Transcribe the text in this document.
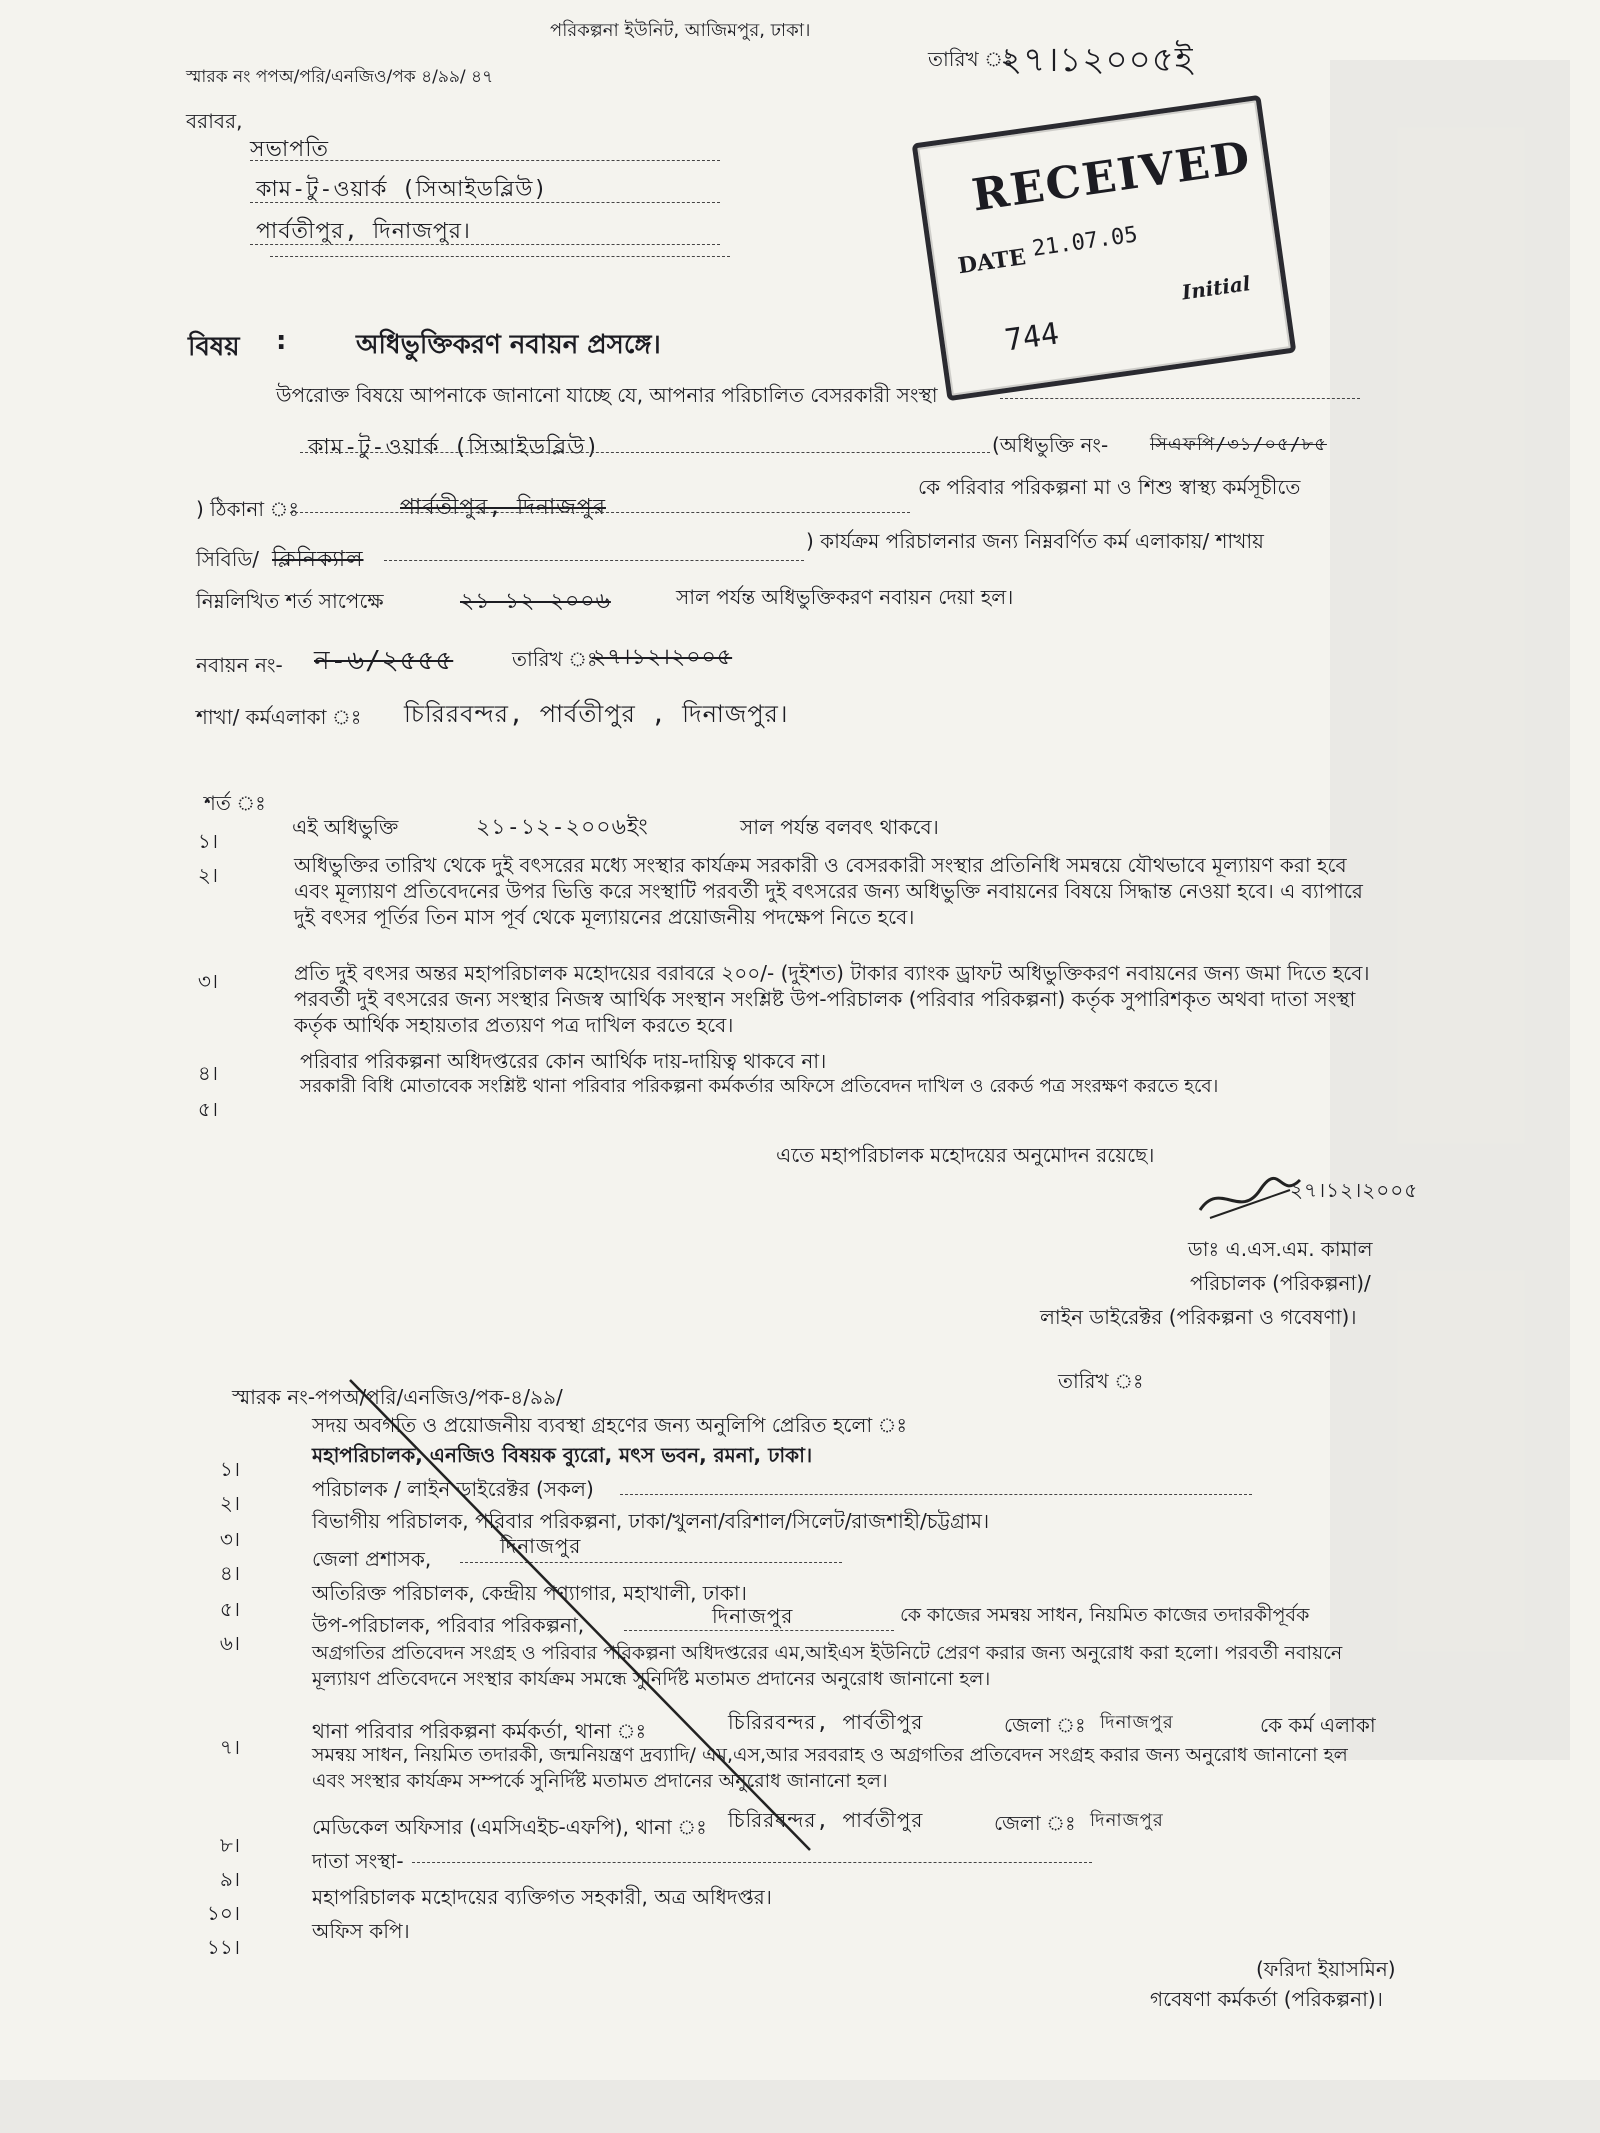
পরিকল্পনা ইউনিট, আজিমপুর, ঢাকা।
তারিখ ঃ
২৭।১২০০৫ই
স্মারক নং পপঅ/পরি/এনজিও/পক ৪/৯৯/ ৪৭
বরাবর,
সভাপতি
কাম-টু-ওয়ার্ক (সিআইডব্লিউ)
পার্বতীপুর, দিনাজপুর।
RECEIVED
DATE 21.07.05
Initial
744
বিষয় :	অধিভুক্তিকরণ নবায়ন প্রসঙ্গে।
উপরোক্ত বিষয়ে আপনাকে জানানো যাচ্ছে যে, আপনার পরিচালিত বেসরকারী সংস্থা
কাম-টু-ওয়ার্ক (সিআইডব্লিউ)	(অধিভুক্তি নং- সিএফপি/৩১/০৫/৮৫
) ঠিকানা ঃ	পার্বতীপুর, দিনাজপুর
কে পরিবার পরিকল্পনা মা ও শিশু স্বাস্থ্য কর্মসূচীতে
সিবিডি/ ক্লিনিক্যাল
) কার্যক্রম পরিচালনার জন্য নিম্নবর্ণিত কর্ম এলাকায়/ শাখায়
নিম্নলিখিত শর্ত সাপেক্ষে	২১-১২-২০০৬	সাল পর্যন্ত অধিভুক্তিকরণ নবায়ন দেয়া হল।
নবায়ন নং- ন-৬/২৫৫৫	তারিখ ঃ
২৭।১২।২০০৫
শাখা/ কর্মএলাকা ঃ চিরিরবন্দর, পার্বতীপুর , দিনাজপুর।
শর্ত ঃ
১।
এই অধিভুক্তি	২১-১২-২০০৬ইং	সাল পর্যন্ত বলবৎ থাকবে।
২।	অধিভুক্তির তারিখ থেকে দুই বৎসরের মধ্যে সংস্থার কার্যক্রম সরকারী ও বেসরকারী সংস্থার প্রতিনিধি সমন্বয়ে যৌথভাবে মূল্যায়ণ করা হবে এবং মূল্যায়ণ প্রতিবেদনের উপর ভিত্তি করে সংস্থাটি পরবর্তী দুই বৎসরের জন্য অধিভুক্তি নবায়নের বিষয়ে সিদ্ধান্ত নেওয়া হবে। এ ব্যাপারে দুই বৎসর পূর্তির তিন মাস পূর্ব থেকে মূল্যায়নের প্রয়োজনীয় পদক্ষেপ নিতে হবে।
৩।	প্রতি দুই বৎসর অন্তর মহাপরিচালক মহোদয়ের বরাবরে ২০০/- (দুইশত) টাকার ব্যাংক ড্রাফট অধিভুক্তিকরণ নবায়নের জন্য জমা দিতে হবে। পরবর্তী দুই বৎসরের জন্য সংস্থার নিজস্ব আর্থিক সংস্থান সংশ্লিষ্ট উপ-পরিচালক (পরিবার পরিকল্পনা) কর্তৃক সুপারিশকৃত অথবা দাতা সংস্থা কর্তৃক আর্থিক সহায়তার প্রত্যয়ণ পত্র দাখিল করতে হবে।
৪।	পরিবার পরিকল্পনা অধিদপ্তরের কোন আর্থিক দায়-দায়িত্ব থাকবে না।
৫।
সরকারী বিধি মোতাবেক সংশ্লিষ্ট থানা পরিবার পরিকল্পনা কর্মকর্তার অফিসে প্রতিবেদন দাখিল ও রেকর্ড পত্র সংরক্ষণ করতে হবে।
এতে মহাপরিচালক মহোদয়ের অনুমোদন রয়েছে।
২৭।১২।২০০৫
ডাঃ এ.এস.এম. কামাল
পরিচালক (পরিকল্পনা)/
লাইন ডাইরেক্টর (পরিকল্পনা ও গবেষণা)।
তারিখ ঃ
স্মারক নং-পপঅ/পরি/এনজিও/পক-৪/৯৯/
সদয় অবগতি ও প্রয়োজনীয় ব্যবস্থা গ্রহণের জন্য অনুলিপি প্রেরিত হলো ঃ
১।
মহাপরিচালক, এনজিও বিষয়ক ব্যুরো, মৎস ভবন, রমনা, ঢাকা।
২।
পরিচালক / লাইন ডাইরেক্টর (সকল)
৩।
বিভাগীয় পরিচালক, পরিবার পরিকল্পনা, ঢাকা/খুলনা/বরিশাল/সিলেট/রাজশাহী/চট্টগ্রাম।
৪।
জেলা প্রশাসক,
দিনাজপুর
৫।
অতিরিক্ত পরিচালক, কেন্দ্রীয় পণ্যাগার, মহাখালী, ঢাকা।
৬।
উপ-পরিচালক, পরিবার পরিকল্পনা,	দিনাজপুর	কে কাজের সমন্বয় সাধন, নিয়মিত কাজের তদারকীপূর্বক
অগ্রগতির প্রতিবেদন সংগ্রহ ও পরিবার পরিকল্পনা অধিদপ্তরের এম,আইএস ইউনিটে প্রেরণ করার জন্য অনুরোধ করা হলো। পরবর্তী নবায়নে মূল্যায়ণ প্রতিবেদনে সংস্থার কার্যক্রম সমন্ধে সুনির্দিষ্ট মতামত প্রদানের অনুরোধ জানানো হল।
৭।
থানা পরিবার পরিকল্পনা কর্মকর্তা, থানা ঃ	চিরিরবন্দর, পার্বতীপুর	জেলা ঃ দিনাজপুর	কে কর্ম এলাকা
সমন্বয় সাধন, নিয়মিত তদারকী, জন্মনিয়ন্ত্রণ দ্রব্যাদি/ এম,এস,আর সরবরাহ ও অগ্রগতির প্রতিবেদন সংগ্রহ করার জন্য অনুরোধ জানানো হল এবং সংস্থার কার্যক্রম সম্পর্কে সুনির্দিষ্ট মতামত প্রদানের অনুরোধ জানানো হল।
৮।
মেডিকেল অফিসার (এমসিএইচ-এফপি), থানা ঃ চিরিরবন্দর, পার্বতীপুর	জেলা ঃ দিনাজপুর
৯।
দাতা সংস্থা-
১০।
মহাপরিচালক মহোদয়ের ব্যক্তিগত সহকারী, অত্র অধিদপ্তর।
১১।
অফিস কপি।
(ফরিদা ইয়াসমিন)
গবেষণা কর্মকর্তা (পরিকল্পনা)।
